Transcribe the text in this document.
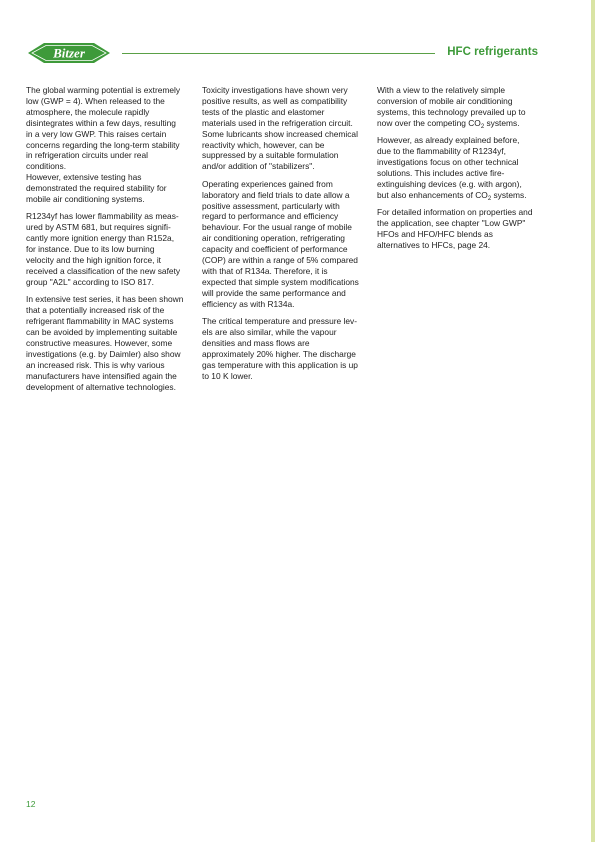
Bitzer	HFC refrigerants

The global warming potential is extremely low (GWP = 4). When released to the atmosphere, the molecule rapidly disintegrates within a few days, resulting in a very low GWP. This raises certain concerns regarding the long-term stability in refrigeration circuits under real conditions.

However, extensive testing has demonstrated the required stability for mobile air conditioning systems.

R1234yf has lower flammability as measured by ASTM 681, but requires significantly more ignition energy than R152a, for instance. Due to its low burning velocity and the high ignition force, it received a classification of the new safety group "A2L" according to ISO 817.

In extensive test series, it has been shown that a potentially increased risk of the refrigerant flammability in MAC systems can be avoided by implementing suitable constructive measures. However, some investigations (e.g. by Daimler) also show an increased risk. This is why various manufacturers have intensified again the development of alternative technologies.

Toxicity investigations have shown very positive results, as well as compatibility tests of the plastic and elastomer materials used in the refrigeration circuit. Some lubricants show increased chemical reactivity which, however, can be suppressed by a suitable formulation and/or addition of "stabilizers".

Operating experiences gained from laboratory and field trials to date allow a positive assessment, particularly with regard to performance and efficiency behaviour. For the usual range of mobile air conditioning operation, refrigerating capacity and coefficient of performance (COP) are within a range of 5% compared with that of R134a. Therefore, it is expected that simple system modifications will provide the same performance and efficiency as with R134a.

The critical temperature and pressure levels are also similar, while the vapour densities and mass flows are approximately 20% higher. The discharge gas temperature with this application is up to 10 K lower.

With a view to the relatively simple conversion of mobile air conditioning systems, this technology prevailed up to now over the competing $CO_2$ systems.

However, as already explained before, due to the flammability of R1234yf, investigations focus on other technical solutions. This includes active fire-extinguishing devices (e.g. with argon), but also enhancements of $CO_2$ systems.

For detailed information on properties and the application, see chapter "Low GWP" HFOs and HFO/HFC blends as alternatives to HFCs, page 24.

12
